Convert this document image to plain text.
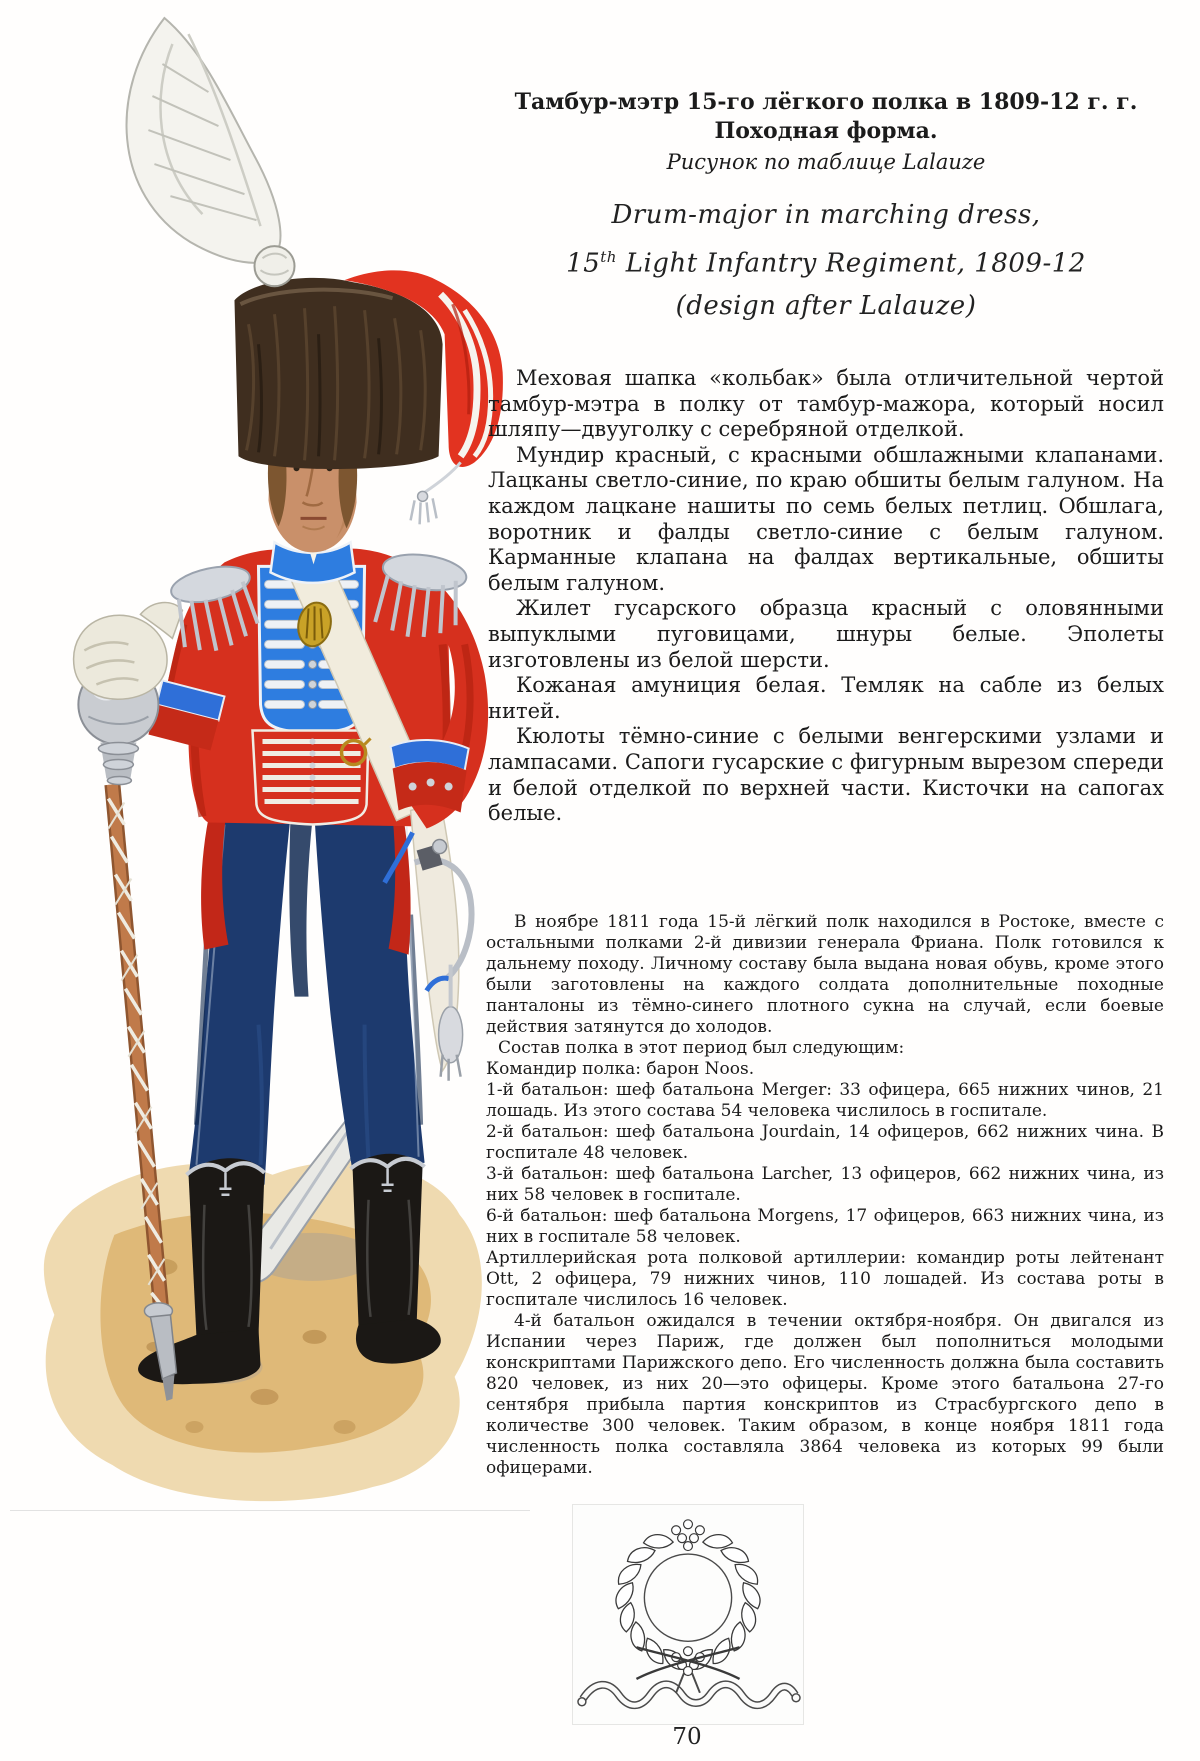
Тамбур-мэтр 15-го лёгкого полка в 1809-12 г. г.
Походная форма.
Рисунок по таблице Lalauze
Drum-major in marching dress,
15th Light Infantry Regiment, 1809-12
(design after Lalauze)

Меховая шапка «кольбак» была отличительной чертой тамбур-мэтра в полку от тамбур-мажора, который носил шляпу—двууголку с серебряной отделкой.

Мундир красный, с красными обшлажными клапанами. Лацканы светло-синие, по краю обшиты белым галуном. На каждом лацкане нашиты по семь белых петлиц. Обшлага, воротник и фалды светло-синие с белым галуном. Карманные клапана на фалдах вертикальные, обшиты белым галуном.

Жилет гусарского образца красный с оловянными выпуклыми пуговицами, шнуры белые. Эполеты изготовлены из белой шерсти.

Кожаная амуниция белая. Темляк на сабле из белых нитей.

Кюлоты тёмно-синие с белыми венгерскими узлами и лампасами. Сапоги гусарские с фигурным вырезом спереди и белой отделкой по верхней части. Кисточки на сапогах белые.

В ноябре 1811 года 15-й лёгкий полк находился в Ростоке, вместе с остальными полками 2-й дивизии генерала Фриана. Полк готовился к дальнему походу. Личному составу была выдана новая обувь, кроме этого были заготовлены на каждого солдата дополнительные походные панталоны из тёмно-синего плотного сукна на случай, если боевые действия затянутся до холодов.

Состав полка в этот период был следующим:

Командир полка: барон Noos.

1-й батальон: шеф батальона Merger: 33 офицера, 665 нижних чинов, 21 лошадь. Из этого состава 54 человека числилось в госпитале.

2-й батальон: шеф батальона Jourdain, 14 офицеров, 662 нижних чина. В госпитале 48 человек.

3-й батальон: шеф батальона Larcher, 13 офицеров, 662 нижних чина, из них 58 человек в госпитале.

6-й батальон: шеф батальона Morgens, 17 офицеров, 663 нижних чина, из них в госпитале 58 человек.

Артиллерийская рота полковой артиллерии: командир роты лейтенант Ott, 2 офицера, 79 нижних чинов, 110 лошадей. Из состава роты в госпитале числилось 16 человек.

4-й батальон ожидался в течении октября-ноября. Он двигался из Испании через Париж, где должен был пополниться молодыми конскриптами Парижского депо. Его численность должна была составить 820 человек, из них 20—это офицеры. Кроме этого батальона 27-го сентября прибыла партия конскриптов из Страсбургского депо в количестве 300 человек. Таким образом, в конце ноября 1811 года численность полка составляла 3864 человека из которых 99 были офицерами.

70
